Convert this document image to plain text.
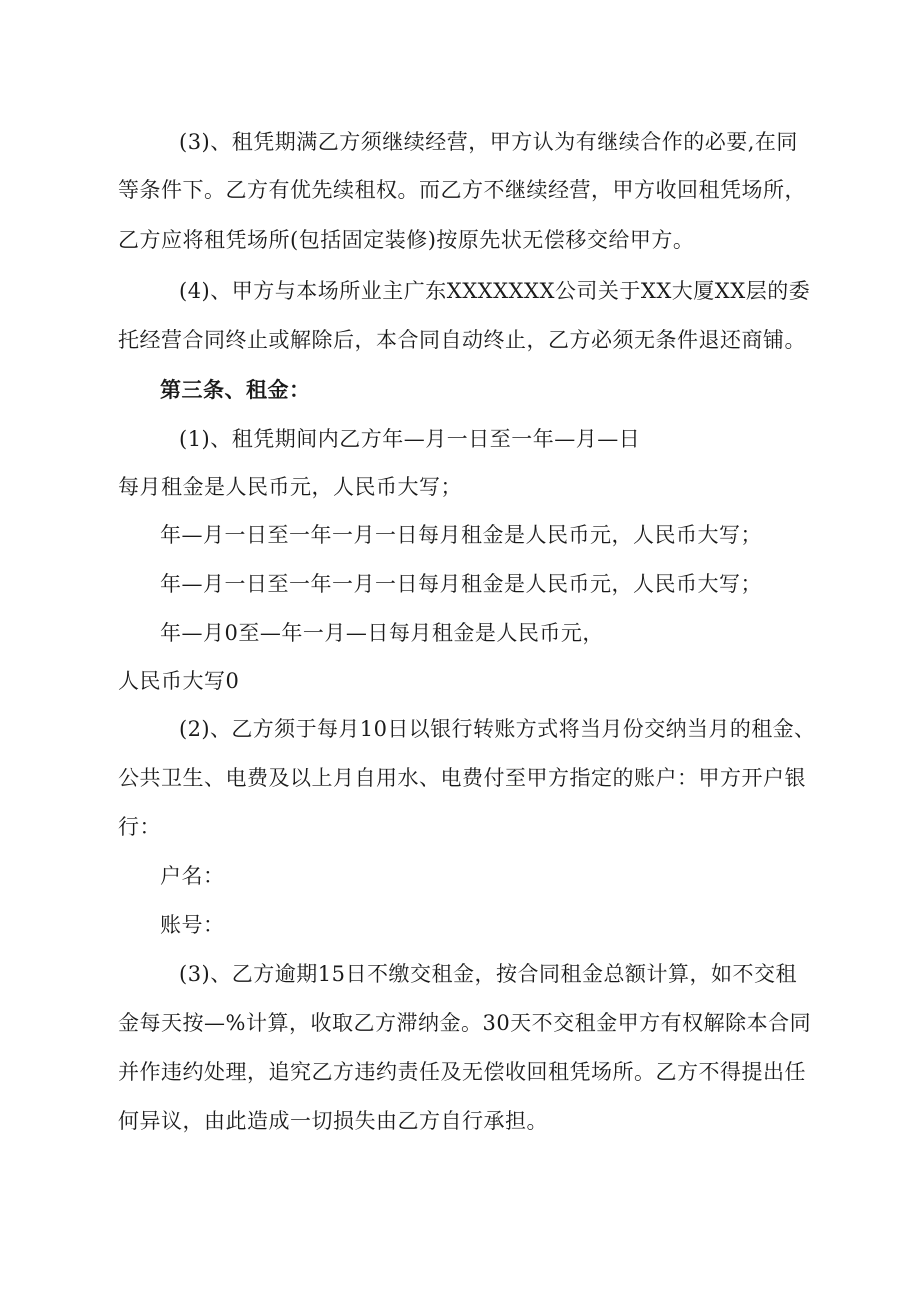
(3)、租凭期满乙方须继续经营，甲方认为有继续合作的必要,在同
等条件下。乙方有优先续租权。而乙方不继续经营，甲方收回租凭场所，
乙方应将租凭场所(包括固定装修)按原先状无偿移交给甲方。
(4)、甲方与本场所业主广东XXXXXXX公司关于XX大厦XX层的委
托经营合同终止或解除后，本合同自动终止，乙方必须无条件退还商铺。
第三条、租金：
(1)、租凭期间内乙方年—月一日至一年—月—日
每月租金是人民币元，人民币大写；
年—月一日至一年一月一日每月租金是人民币元，人民币大写；
年—月一日至一年一月一日每月租金是人民币元，人民币大写；
年—月0至—年一月—日每月租金是人民币元，
人民币大写0
(2)、乙方须于每月10日以银行转账方式将当月份交纳当月的租金、
公共卫生、电费及以上月自用水、电费付至甲方指定的账户：甲方开户银
行：
户名：
账号：
(3)、乙方逾期15日不缴交租金，按合同租金总额计算，如不交租
金每天按—%计算，收取乙方滞纳金。30天不交租金甲方有权解除本合同
并作违约处理，追究乙方违约责任及无偿收回租凭场所。乙方不得提出任
何异议，由此造成一切损失由乙方自行承担。
